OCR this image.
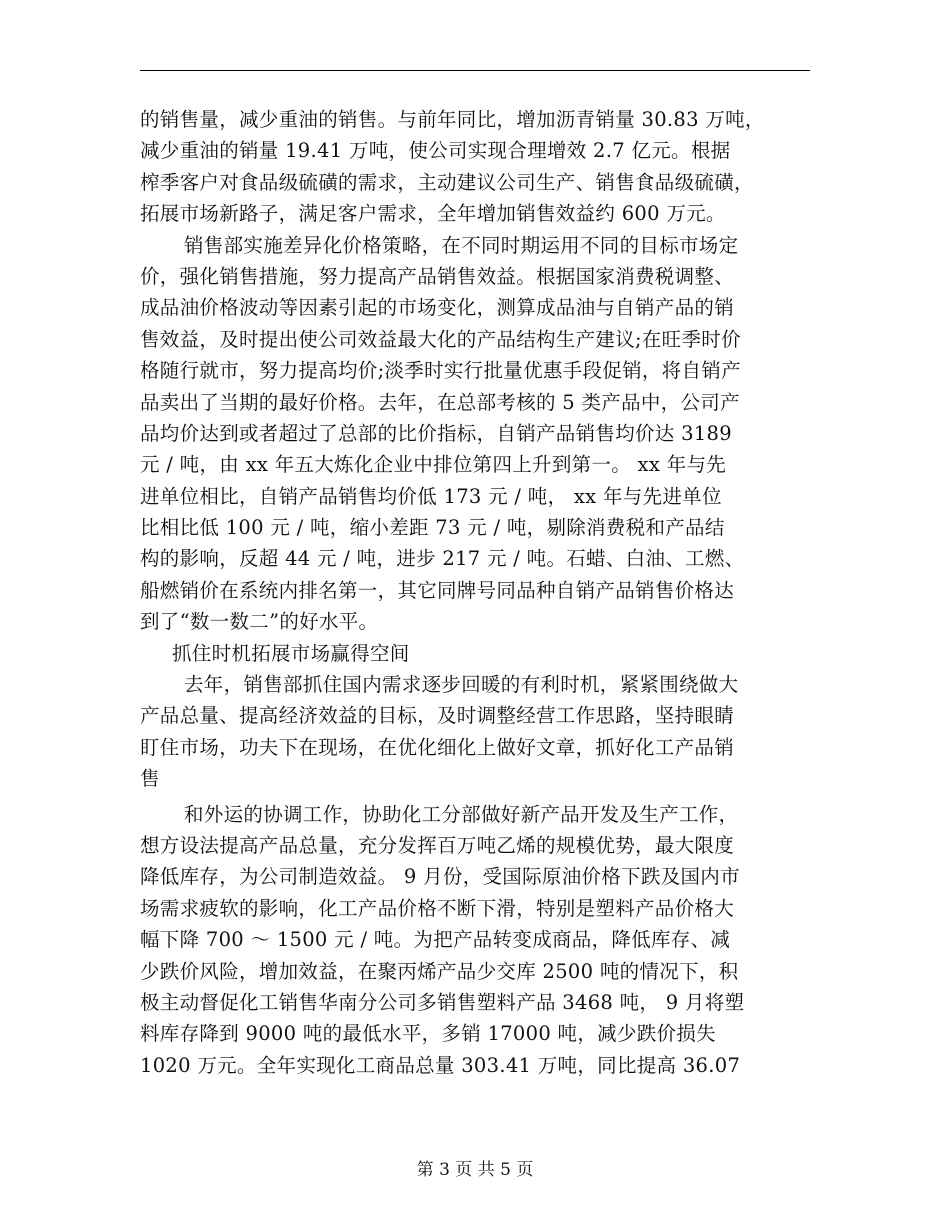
的销售量，减少重油的销售。与前年同比，增加沥青销量 30.83 万吨，
减少重油的销量 19.41 万吨，使公司实现合理增效 2.7 亿元。根据
榨季客户对食品级硫磺的需求，主动建议公司生产、销售食品级硫磺，
拓展市场新路子，满足客户需求，全年增加销售效益约 600 万元。
销售部实施差异化价格策略，在不同时期运用不同的目标市场定
价，强化销售措施，努力提高产品销售效益。根据国家消费税调整、
成品油价格波动等因素引起的市场变化，测算成品油与自销产品的销
售效益，及时提出使公司效益最大化的产品结构生产建议;在旺季时价
格随行就市，努力提高均价;淡季时实行批量优惠手段促销，将自销产
品卖出了当期的最好价格。去年，在总部考核的 5 类产品中，公司产
品均价达到或者超过了总部的比价指标，自销产品销售均价达 3189
元 / 吨，由 xx 年五大炼化企业中排位第四上升到第一。 xx 年与先
进单位相比，自销产品销售均价低 173 元 / 吨， xx 年与先进单位
比相比低 100 元 / 吨，缩小差距 73 元 / 吨，剔除消费税和产品结
构的影响，反超 44 元 / 吨，进步 217 元 / 吨。石蜡、白油、工燃、
船燃销价在系统内排名第一，其它同牌号同品种自销产品销售价格达
到了“数一数二”的好水平。
抓住时机拓展市场赢得空间
去年，销售部抓住国内需求逐步回暖的有利时机，紧紧围绕做大
产品总量、提高经济效益的目标，及时调整经营工作思路，坚持眼睛
盯住市场，功夫下在现场，在优化细化上做好文章，抓好化工产品销
售
和外运的协调工作，协助化工分部做好新产品开发及生产工作，
想方设法提高产品总量，充分发挥百万吨乙烯的规模优势，最大限度
降低库存，为公司制造效益。 9 月份，受国际原油价格下跌及国内市
场需求疲软的影响，化工产品价格不断下滑，特别是塑料产品价格大
幅下降 700 ～ 1500 元 / 吨。为把产品转变成商品，降低库存、减
少跌价风险，增加效益，在聚丙烯产品少交库 2500 吨的情况下，积
极主动督促化工销售华南分公司多销售塑料产品 3468 吨， 9 月将塑
料库存降到 9000 吨的最低水平，多销 17000 吨，减少跌价损失
1020 万元。全年实现化工商品总量 303.41 万吨，同比提高 36.07
第 3 页 共 5 页
